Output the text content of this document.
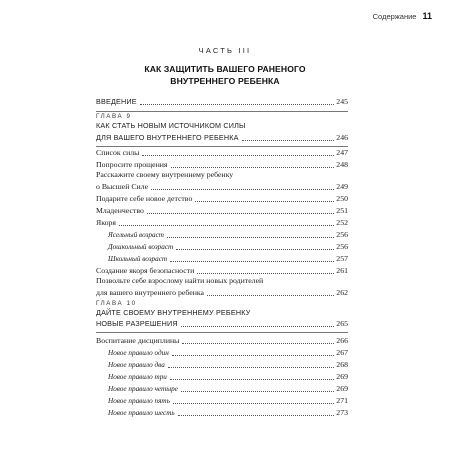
Содержание 11
ЧАСТЬ III
КАК ЗАЩИТИТЬ ВАШЕГО РАНЕНОГО
ВНУТРЕННЕГО РЕБЕНКА
ВВЕДЕНИЕ	245
ГЛАВА 9
КАК СТАТЬ НОВЫМ ИСТОЧНИКОМ СИЛЫ
ДЛЯ ВАШЕГО ВНУТРЕННЕГО РЕБЕНКА	246
Список силы	247
Попросите прощения	248
Расскажите своему внутреннему ребенку
о Высшей Силе	249
Подарите себе новое детство	250
Младенчество	251
Якоря	252
Ясельный возраст	256
Дошкольный возраст	256
Школьный возраст	257
Создание якоря безопасности	261
Позвольте себе взрослому найти новых родителей
для вашего внутреннего ребенка	262
ГЛАВА 10
ДАЙТЕ СВОЕМУ ВНУТРЕННЕМУ РЕБЕНКУ
НОВЫЕ РАЗРЕШЕНИЯ	265
Воспитание дисциплины	266
Новое правило один	267
Новое правило два	268
Новое правило три	269
Новое правило четыре	269
Новое правило пять	271
Новое правило шесть	273
